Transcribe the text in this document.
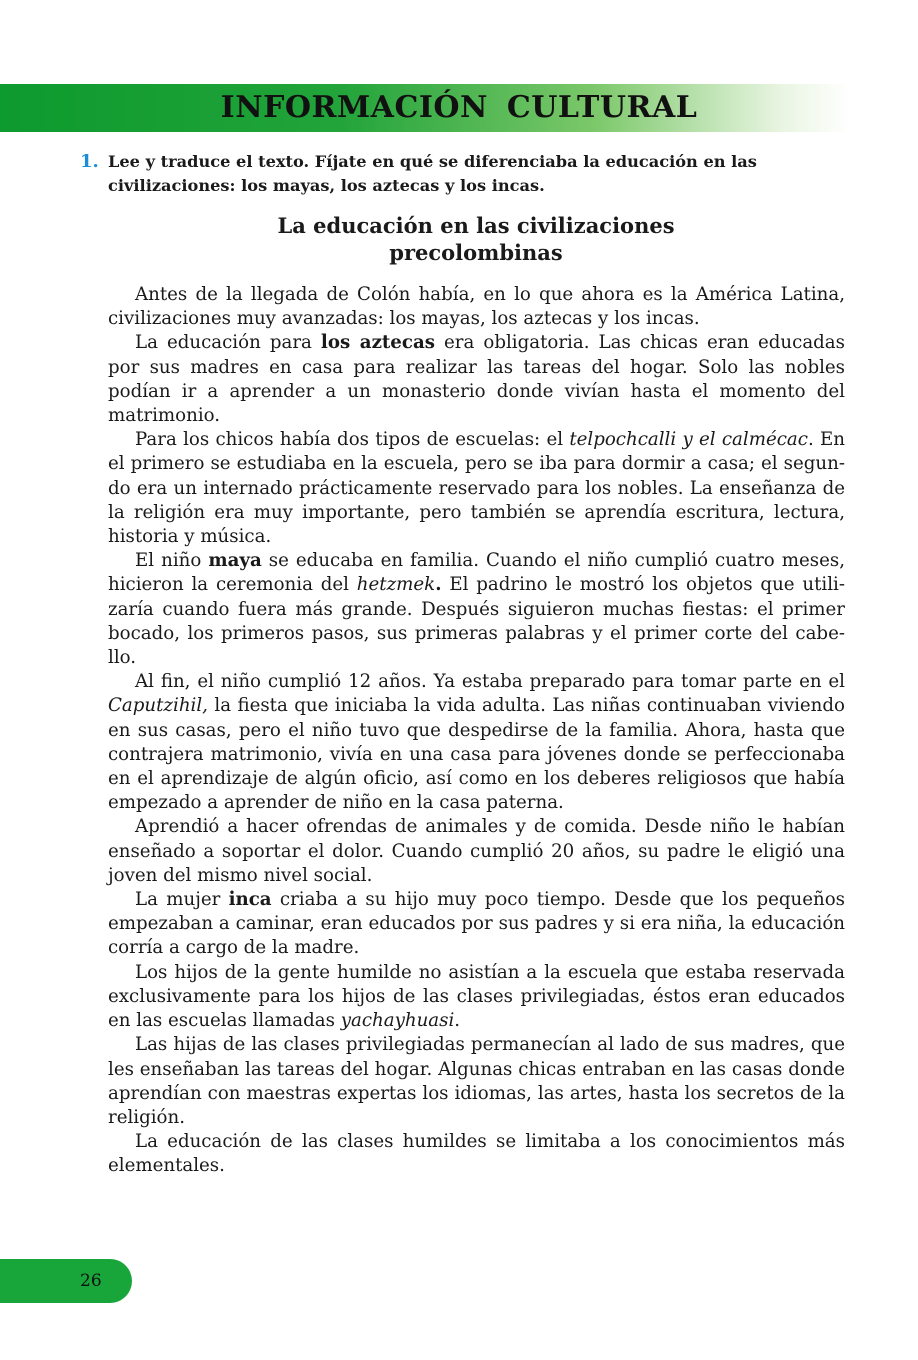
INFORMACIÓN CULTURAL
1. Lee y traduce el texto. Fíjate en qué se diferenciaba la educación en las civilizaciones: los mayas, los aztecas y los incas.
La educación en las civilizaciones
precolombinas

Antes de la llegada de Colón había, en lo que ahora es la América Latina, civilizaciones muy avanzadas: los mayas, los aztecas y los incas.

La educación para los aztecas era obligatoria. Las chicas eran educadas por sus madres en casa para realizar las tareas del hogar. Solo las nobles podían ir a aprender a un monasterio donde vivían hasta el momento del matrimonio.

Para los chicos había dos tipos de escuelas: el telpochcalli y el calmécac. En el primero se estudiaba en la escuela, pero se iba para dormir a casa; el segundo era un internado prácticamente reservado para los nobles. La enseñanza de la religión era muy importante, pero también se aprendía escritura, lectura, historia y música.

El niño maya se educaba en familia. Cuando el niño cumplió cuatro meses, hicieron la ceremonia del hetzmek. El padrino le mostró los objetos que utilizaría cuando fuera más grande. Después siguieron muchas fiestas: el primer bocado, los primeros pasos, sus primeras palabras y el primer corte del cabello.

Al fin, el niño cumplió 12 años. Ya estaba preparado para tomar parte en el Caputzihil, la fiesta que iniciaba la vida adulta. Las niñas continuaban viviendo en sus casas, pero el niño tuvo que despedirse de la familia. Ahora, hasta que contrajera matrimonio, vivía en una casa para jóvenes donde se perfeccionaba en el aprendizaje de algún oficio, así como en los deberes religiosos que había empezado a aprender de niño en la casa paterna.

Aprendió a hacer ofrendas de animales y de comida. Desde niño le habían enseñado a soportar el dolor. Cuando cumplió 20 años, su padre le eligió una joven del mismo nivel social.

La mujer inca criaba a su hijo muy poco tiempo. Desde que los pequeños empezaban a caminar, eran educados por sus padres y si era niña, la educación corría a cargo de la madre.

Los hijos de la gente humilde no asistían a la escuela que estaba reservada exclusivamente para los hijos de las clases privilegiadas, éstos eran educados en las escuelas llamadas yachayhuasi.

Las hijas de las clases privilegiadas permanecían al lado de sus madres, que les enseñaban las tareas del hogar. Algunas chicas entraban en las casas donde aprendían con maestras expertas los idiomas, las artes, hasta los secretos de la religión.

La educación de las clases humildes se limitaba a los conocimientos más elementales.

26
